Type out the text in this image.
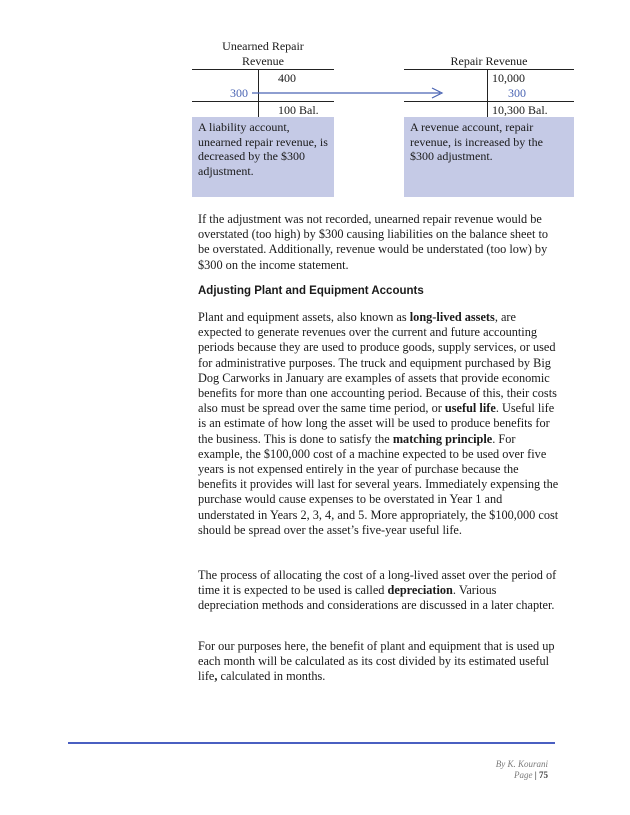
Unearned Repair
Revenue
400
300
100 Bal.
A liability account, unearned repair revenue, is decreased by the $300 adjustment.
Repair Revenue
10,000
300
10,300 Bal.
A revenue account, repair revenue, is increased by the $300 adjustment.

If the adjustment was not recorded, unearned repair revenue would be overstated (too high) by $300 causing liabilities on the balance sheet to be overstated. Additionally, revenue would be understated (too low) by $300 on the income statement.

Adjusting Plant and Equipment Accounts

Plant and equipment assets, also known as long-lived assets, are expected to generate revenues over the current and future accounting periods because they are used to produce goods, supply services, or used for administrative purposes. The truck and equipment purchased by Big Dog Carworks in January are examples of assets that provide economic benefits for more than one accounting period. Because of this, their costs also must be spread over the same time period, or useful life. Useful life is an estimate of how long the asset will be used to produce benefits for the business. This is done to satisfy the matching principle. For example, the $100,000 cost of a machine expected to be used over five years is not expensed entirely in the year of purchase because the benefits it provides will last for several years. Immediately expensing the purchase would cause expenses to be overstated in Year 1 and understated in Years 2, 3, 4, and 5. More appropriately, the $100,000 cost should be spread over the asset’s five-year useful life.

The process of allocating the cost of a long-lived asset over the period of time it is expected to be used is called depreciation. Various depreciation methods and considerations are discussed in a later chapter.

For our purposes here, the benefit of plant and equipment that is used up each month will be calculated as its cost divided by its estimated useful life, calculated in months.

By K. Kourani
Page | 75
